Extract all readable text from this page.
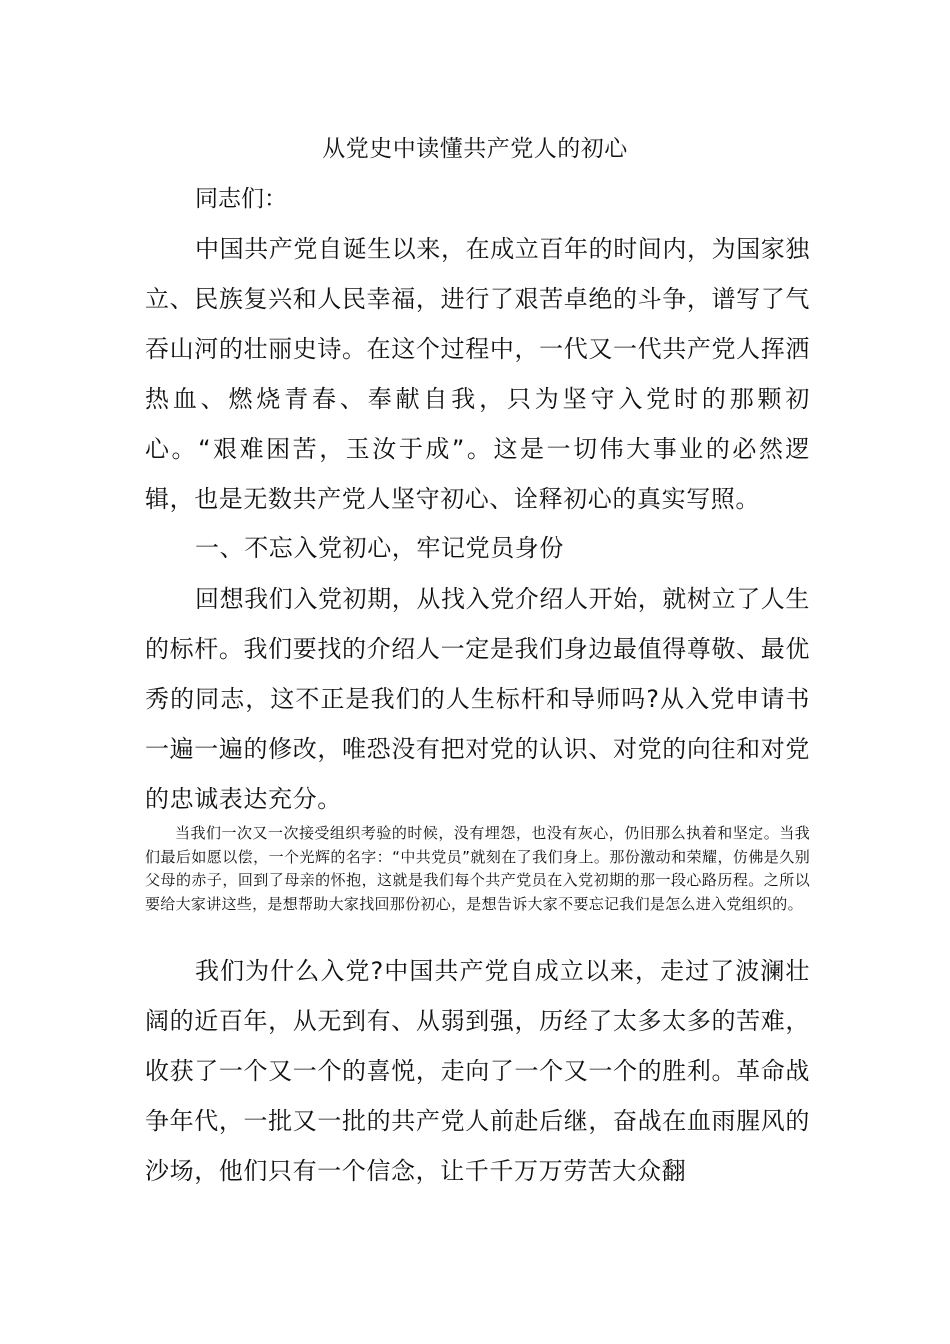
从党史中读懂共产党人的初心
同志们：

中国共产党自诞生以来，在成立百年的时间内，为国家独立、民族复兴和人民幸福，进行了艰苦卓绝的斗争，谱写了气吞山河的壮丽史诗。在这个过程中，一代又一代共产党人挥洒热血、燃烧青春、奉献自我，只为坚守入党时的那颗初心。“艰难困苦，玉汝于成”。这是一切伟大事业的必然逻辑，也是无数共产党人坚守初心、诠释初心的真实写照。

一、不忘入党初心，牢记党员身份

回想我们入党初期，从找入党介绍人开始，就树立了人生的标杆。我们要找的介绍人一定是我们身边最值得尊敬、最优秀的同志，这不正是我们的人生标杆和导师吗?从入党申请书一遍一遍的修改，唯恐没有把对党的认识、对党的向往和对党的忠诚表达充分。

当我们一次又一次接受组织考验的时候，没有埋怨，也没有灰心，仍旧那么执着和坚定。当我们最后如愿以偿，一个光辉的名字：“中共党员”就刻在了我们身上。那份激动和荣耀，仿佛是久别父母的赤子，回到了母亲的怀抱，这就是我们每个共产党员在入党初期的那一段心路历程。之所以要给大家讲这些，是想帮助大家找回那份初心，是想告诉大家不要忘记我们是怎么进入党组织的。

我们为什么入党?中国共产党自成立以来，走过了波澜壮阔的近百年，从无到有、从弱到强，历经了太多太多的苦难，收获了一个又一个的喜悦，走向了一个又一个的胜利。革命战争年代，一批又一批的共产党人前赴后继，奋战在血雨腥风的沙场，他们只有一个信念，让千千万万劳苦大众翻
